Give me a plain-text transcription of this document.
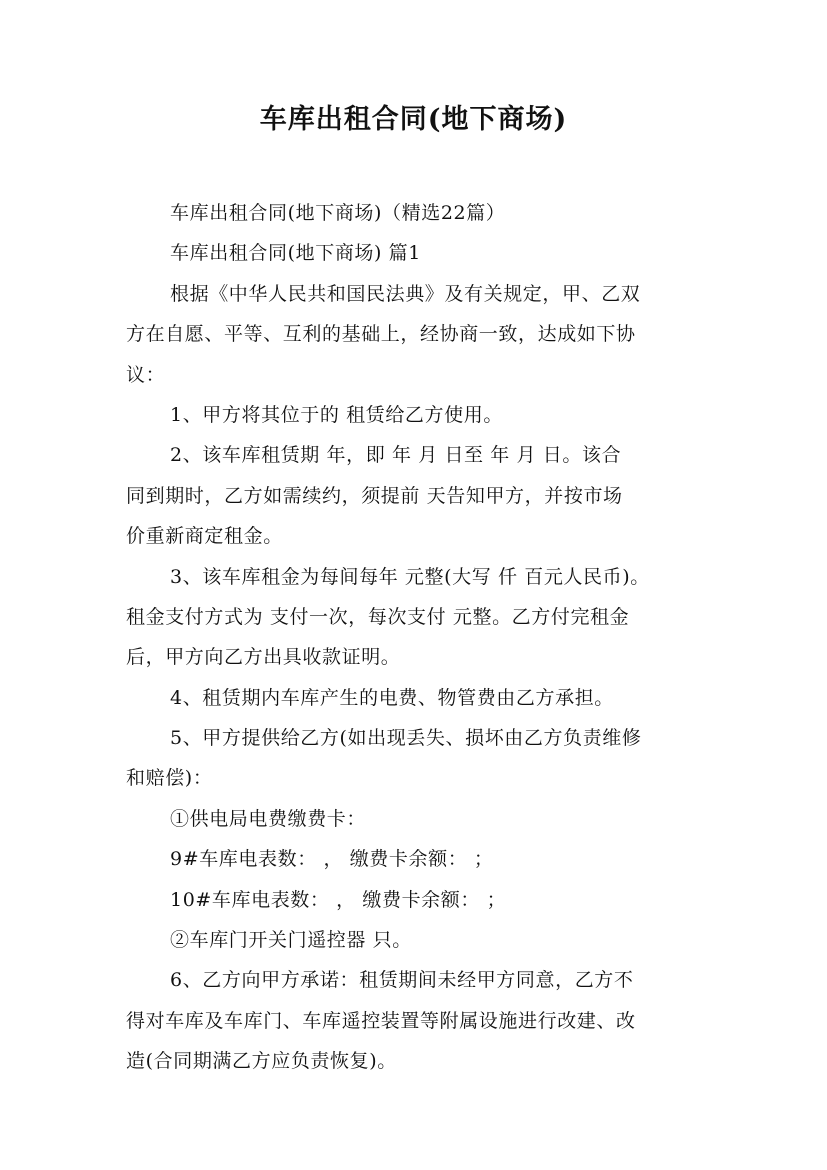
车库出租合同(地下商场)
车库出租合同(地下商场)（精选22篇）
车库出租合同(地下商场) 篇1
根据《中华人民共和国民法典》及有关规定，甲、乙双
方在自愿、平等、互利的基础上，经协商一致，达成如下协
议：
1、甲方将其位于的 租赁给乙方使用。
2、该车库租赁期 年，即 年 月 日至 年 月 日。该合
同到期时，乙方如需续约，须提前 天告知甲方，并按市场
价重新商定租金。
3、该车库租金为每间每年 元整(大写 仟 百元人民币)。
租金支付方式为 支付一次，每次支付 元整。乙方付完租金
后，甲方向乙方出具收款证明。
4、租赁期内车库产生的电费、物管费由乙方承担。
5、甲方提供给乙方(如出现丢失、损坏由乙方负责维修
和赔偿)：
①供电局电费缴费卡：
9#车库电表数： ， 缴费卡余额： ；
10#车库电表数： ， 缴费卡余额： ；
②车库门开关门遥控器 只。
6、乙方向甲方承诺：租赁期间未经甲方同意，乙方不
得对车库及车库门、车库遥控装置等附属设施进行改建、改
造(合同期满乙方应负责恢复)。
